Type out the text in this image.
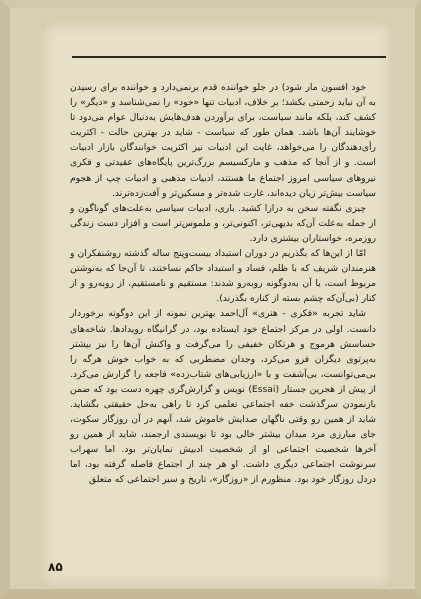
خود افسون مار شود) در جلو خواننده قدم برنمی‌دارد و خواننده برای رسیدن به آن نباید زحمتی بکشد؛ بر خلاف، ادبیات تنها «خود» را نمی‌شناسد و «دیگر» را کشف کند، بلکه مانند سیاست، برای برآوردن هدف‌هایش به‌دنبال عوام می‌دود تا خوشایند آن‌ها باشد. همان طور که سیاست - شاید در بهترین حالت - اکثریت رأی‌دهندگان را می‌خواهد، غایت این ادبیات نیز اکثریت خوانندگان بازار ادبیات است. و از آنجا که مذهب و مارکسیسم بزرگ‌ترین پایگاه‌های عقیدتی و فکری نیروهای سیاسی امروز اجتماع ما هستند، ادبیات مذهبی و ادبیات چپ از هجوم سیاست بیش‌تر زیان دیده‌اند، غارت شده‌تر و مسکین‌تر و آفت‌زده‌ترند.

چیزی نگفته سخن به درازا کشید. باری، ادبیات سیاسی به‌علت‌های گوناگون و از جمله به‌علت آن‌که بدیهی‌تر، اکنونی‌تر، و ملموس‌تر است و افزار دست زندگی روزمره، خواستاران بیشتری دارد.

امّا از این‌ها که بگذریم در دوران استبداد بیست‌وپنج ساله گذشته روشنفکران و هنرمندان شریف که با ظلم، فساد و استبداد حاکم نساختند، تا آن‌جا که به‌نوشتن مربوط است، یا آن به‌دوگونه روبه‌رو شدند: مستقیم و نامستقیم، از روبه‌رو و از کنار (بی‌آن‌که چشم بسته از کناره بگذرند).

شاید تجربه «فکری - هنری» آل‌احمد بهترین نمونه از این دوگونه برخوردار دانست. اولی در مرکز اجتماع خود ایستاده بود، در گرانیگاه رویدادها. شاخه‌های حساسش هرموج و هرتکان خفیفی را می‌گرفت و واکنش آن‌ها را نیز بیشتر به‌پرتوی دیگران فرو می‌کرد، وجدان مضطربی که به خواب خوش هرگه را بی‌می‌توانست، بی‌آشفت و با «ارزیابی‌های شتاب‌زده» فاجعه را گزارش می‌کرد. از پیش از هجرین جستار (Essai) نویس و گزارش‌گری چهره دست بود که ضمن بازنمودن سرگذشت خفه اجتماعی تعلمی کرد تا راهی به‌حل حقیقتی بگشاید. شاید از همین رو وقتی ناگهان صدایش خاموش شد، آنهم در آن روزگار سکوت، جای مبارزی مرد میدان بیشتر خالی بود تا نویسندی ارجمند، شاید از همین رو آخرها شخصیت اجتماعی او از شخصیت ادبیش نمایان‌تر بود. اما سهراب سرنوشت اجتماعی دیگری داشت. او هر چند از اجتماع فاصله گرفته بود، اما دردل روزگار خود بود. منظورم از «روزگار»، تاریخ و سیر اجتماعی که متعلق

۸۵
